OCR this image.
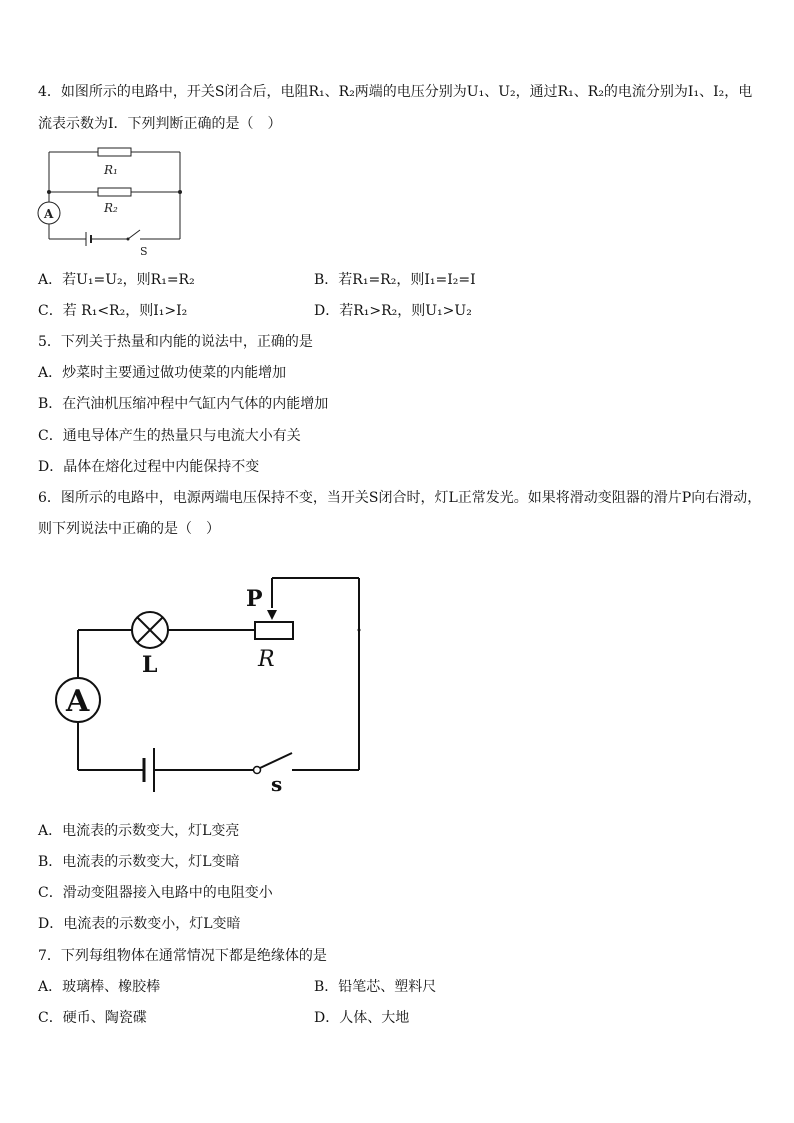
4．如图所示的电路中，开关S闭合后，电阻R₁、R₂两端的电压分别为U₁、U₂，通过R₁、R₂的电流分别为I₁、I₂，电
流表示数为I．下列判断正确的是（　）
R₁
R₂
A
S
A．若U₁=U₂，则R₁=R₂	B．若R₁=R₂，则I₁=I₂=I
C．若 R₁<R₂，则I₁>I₂	D．若R₁>R₂，则U₁>U₂
5．下列关于热量和内能的说法中，正确的是
A．炒菜时主要通过做功使菜的内能增加
B．在汽油机压缩冲程中气缸内气体的内能增加
C．通电导体产生的热量只与电流大小有关
D．晶体在熔化过程中内能保持不变
6．图所示的电路中，电源两端电压保持不变，当开关S闭合时，灯L正常发光。如果将滑动变阻器的滑片P向右滑动，
则下列说法中正确的是（　）
P
R
L
A
s
A．电流表的示数变大，灯L变亮
B．电流表的示数变大，灯L变暗
C．滑动变阻器接入电路中的电阻变小
D．电流表的示数变小，灯L变暗
7．下列每组物体在通常情况下都是绝缘体的是
A．玻璃棒、橡胶棒	B．铅笔芯、塑料尺
C．硬币、陶瓷碟	D．人体、大地
